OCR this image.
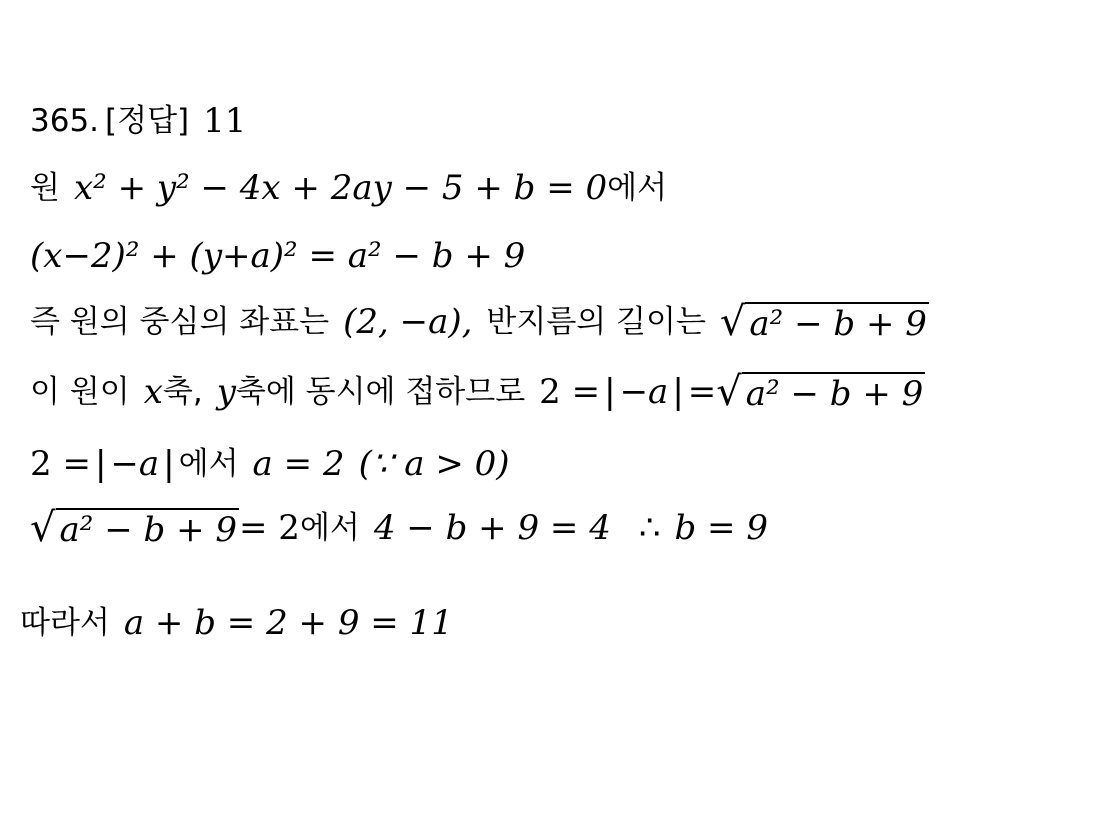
365. [정답] 11
원 x² + y² − 4x + 2ay − 5 + b = 0 에서
(x−2)² + (y+a)² = a² − b + 9
즉 원의 중심의 좌표는 (2, −a), 반지름의 길이는 √ a² − b + 9
이 원이 x 축, y 축에 동시에 접하므로 2 = | −a | = √ a² − b + 9
2 = | −a | 에서 a = 2 (∵ a > 0)
√ a² − b + 9 = 2 에서 4 − b + 9 = 4 ∴ b = 9
따라서 a + b = 2 + 9 = 11
